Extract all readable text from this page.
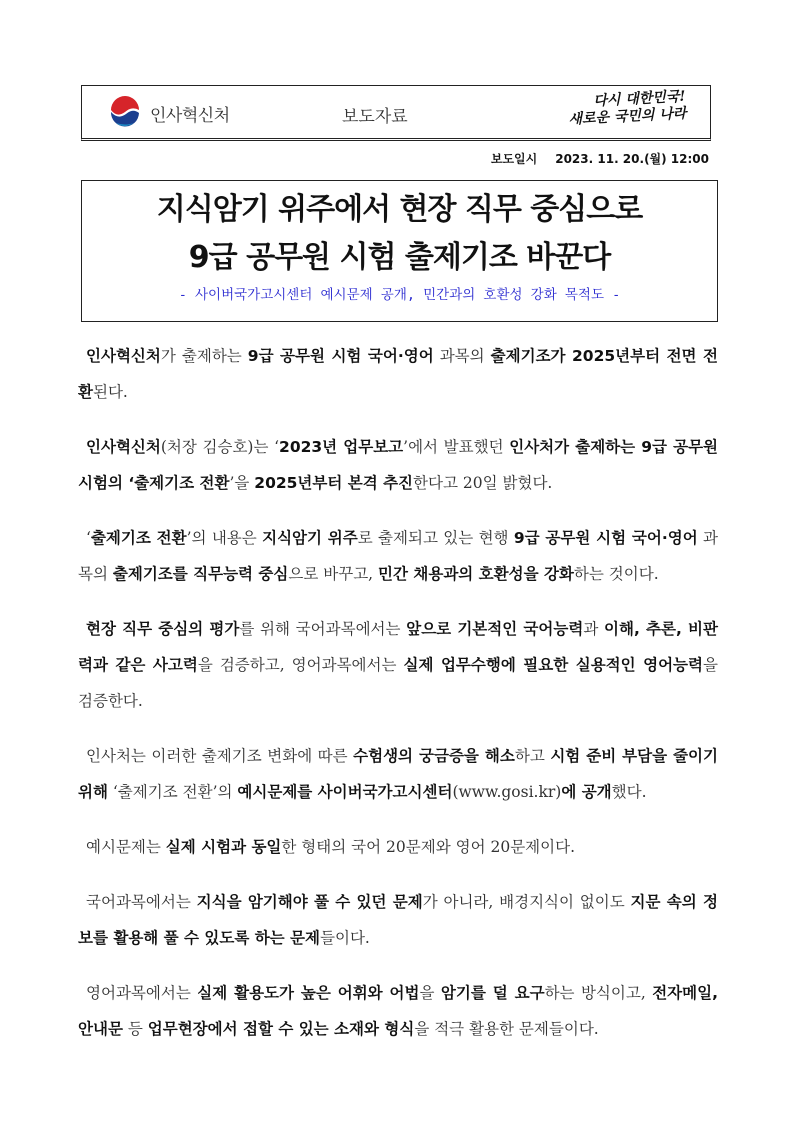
인사혁신처	보도자료
다시 대한민국!
새로운 국민의 나라
보도일시 2023. 11. 20.(월) 12:00
지식암기 위주에서 현장 직무 중심으로
9급 공무원 시험 출제기조 바꾼다
- 사이버국가고시센터 예시문제 공개, 민간과의 호환성 강화 목적도 -

인사혁신처가 출제하는 9급 공무원 시험 국어·영어 과목의 출제기조가 2025년부터 전면 전환된다.

인사혁신처(처장 김승호)는 ‘2023년 업무보고’에서 발표했던 인사처가 출제하는 9급 공무원 시험의 ‘출제기조 전환’을 2025년부터 본격 추진한다고 20일 밝혔다.

‘출제기조 전환’의 내용은 지식암기 위주로 출제되고 있는 현행 9급 공무원 시험 국어·영어 과목의 출제기조를 직무능력 중심으로 바꾸고, 민간 채용과의 호환성을 강화하는 것이다.

현장 직무 중심의 평가를 위해 국어과목에서는 앞으로 기본적인 국어능력과 이해, 추론, 비판력과 같은 사고력을 검증하고, 영어과목에서는 실제 업무수행에 필요한 실용적인 영어능력을 검증한다.

인사처는 이러한 출제기조 변화에 따른 수험생의 궁금증을 해소하고 시험 준비 부담을 줄이기 위해 ‘출제기조 전환’의 예시문제를 사이버국가고시센터(www.gosi.kr)에 공개했다.

예시문제는 실제 시험과 동일한 형태의 국어 20문제와 영어 20문제이다.

국어과목에서는 지식을 암기해야 풀 수 있던 문제가 아니라, 배경지식이 없이도 지문 속의 정보를 활용해 풀 수 있도록 하는 문제들이다.

영어과목에서는 실제 활용도가 높은 어휘와 어법을 암기를 덜 요구하는 방식이고, 전자메일, 안내문 등 업무현장에서 접할 수 있는 소재와 형식을 적극 활용한 문제들이다.
